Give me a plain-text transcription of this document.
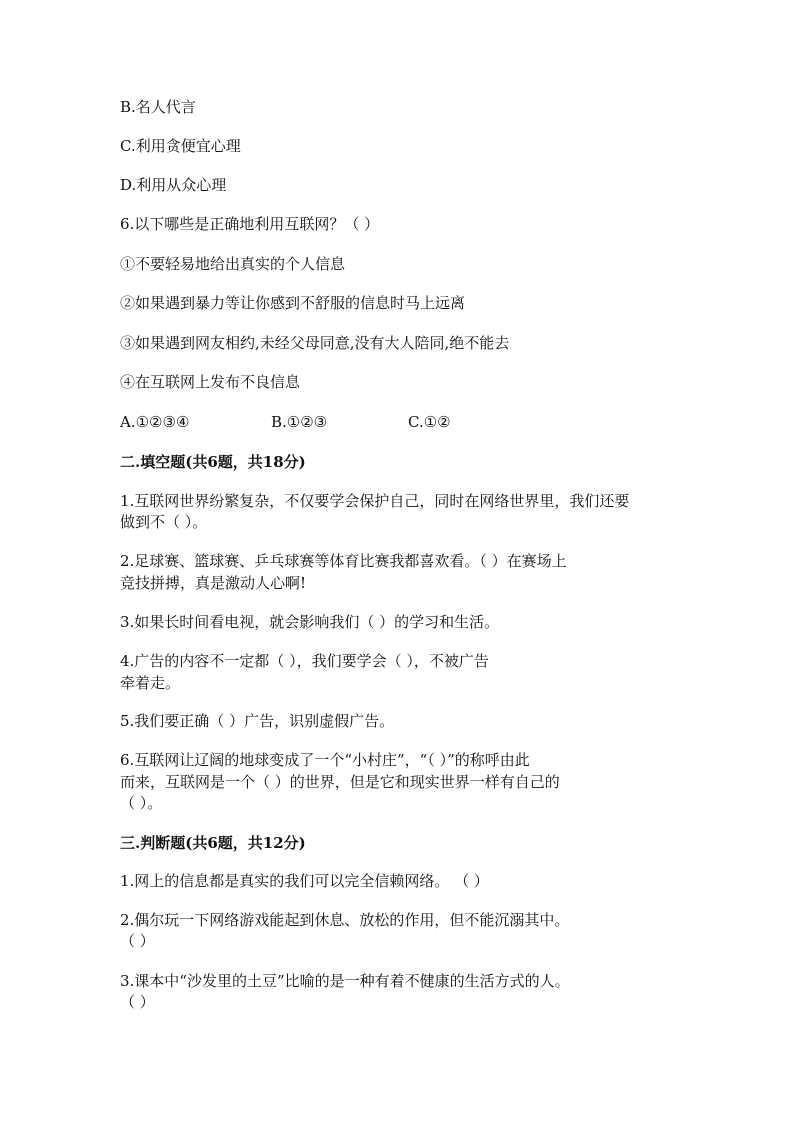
B.名人代言
C.利用贪便宜心理
D.利用从众心理
6.以下哪些是正确地利用互联网？（ ）
①不要轻易地给出真实的个人信息
②如果遇到暴力等让你感到不舒服的信息时马上远离
③如果遇到网友相约,未经父母同意,没有大人陪同,绝不能去
④在互联网上发布不良信息
A.①②③④	B.①②③	C.①②
二.填空题(共6题，共18分)
1.互联网世界纷繁复杂，不仅要学会保护自己，同时在网络世界里，我们还要
做到不（ ）。
2.足球赛、篮球赛、乒乓球赛等体育比赛我都喜欢看。（ ）在赛场上
竞技拼搏，真是激动人心啊!
3.如果长时间看电视，就会影响我们（ ）的学习和生活。
4.广告的内容不一定都（ ），我们要学会（ ），不被广告
牵着走。
5.我们要正确（ ）广告，识别虚假广告。
6.互联网让辽阔的地球变成了一个“小村庄”，“（ ）”的称呼由此
而来，互联网是一个（ ）的世界，但是它和现实世界一样有自己的
（ ）。
三.判断题(共6题，共12分)
1.网上的信息都是真实的我们可以完全信赖网络。 （ ）
2.偶尔玩一下网络游戏能起到休息、放松的作用，但不能沉溺其中。
（ ）
3.课本中“沙发里的土豆”比喻的是一种有着不健康的生活方式的人。
（ ）
